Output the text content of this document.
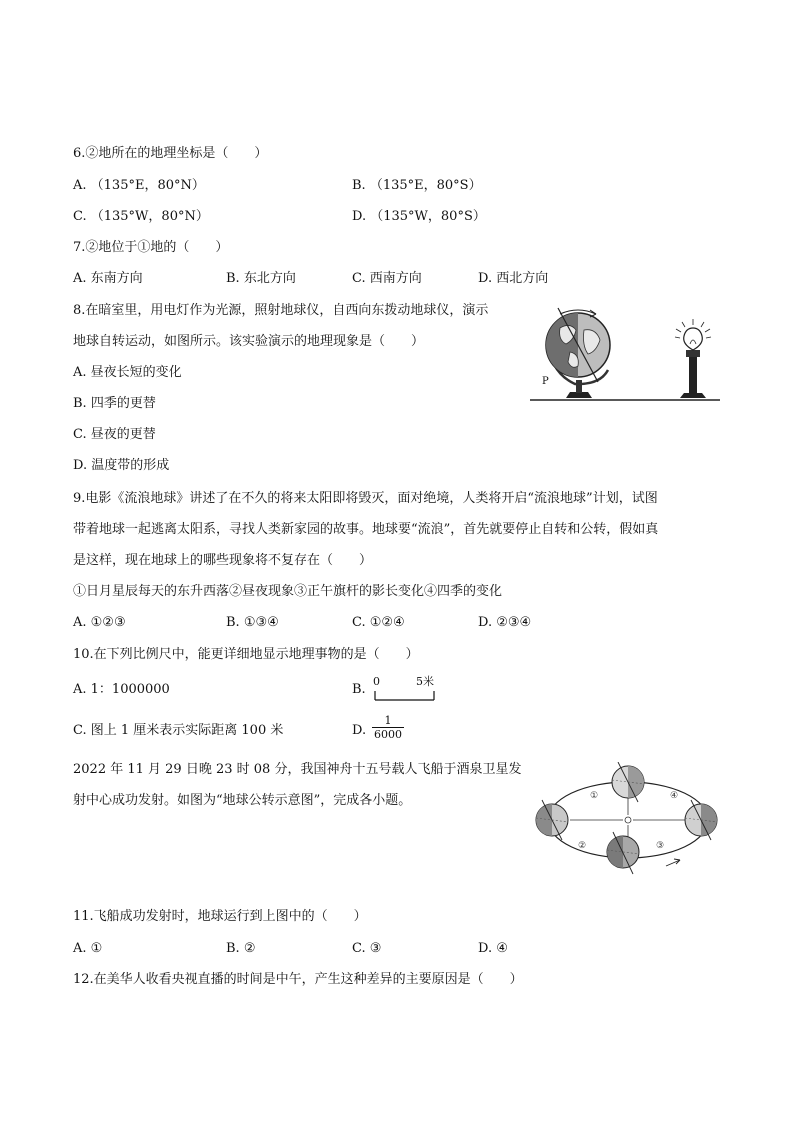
6.②地所在的地理坐标是（　　）
A. （135°E，80°N）	B. （135°E，80°S）
C. （135°W，80°N）	D. （135°W，80°S）
7.②地位于①地的（　　）
A. 东南方向	B. 东北方向	C. 西南方向	D. 西北方向
8.在暗室里，用电灯作为光源，照射地球仪，自西向东拨动地球仪，演示
地球自转运动，如图所示。该实验演示的地理现象是（　　）
A. 昼夜长短的变化
B. 四季的更替
C. 昼夜的更替
D. 温度带的形成
P
9.电影《流浪地球》讲述了在不久的将来太阳即将毁灭，面对绝境，人类将开启“流浪地球”计划，试图
带着地球一起逃离太阳系，寻找人类新家园的故事。地球要“流浪”，首先就要停止自转和公转，假如真
是这样，现在地球上的哪些现象将不复存在（　　）
①日月星辰每天的东升西落②昼夜现象③正午旗杆的影长变化④四季的变化
A. ①②③	B. ①③④	C. ①②④	D. ②③④
10.在下列比例尺中，能更详细地显示地理事物的是（　　）
A. 1：1000000	B.
0	5米
C. 图上 1 厘米表示实际距离 100 米	D. $\frac{1}{6000}$
2022 年 11 月 29 日晚 23 时 08 分，我国神舟十五号载人飞船于酒泉卫星发
射中心成功发射。如图为“地球公转示意图”，完成各小题。	①
②	③
④
11.飞船成功发射时，地球运行到上图中的（　　）
A. ①	B. ②	C. ③	D. ④
12.在美华人收看央视直播的时间是中午，产生这种差异的主要原因是（　　）
